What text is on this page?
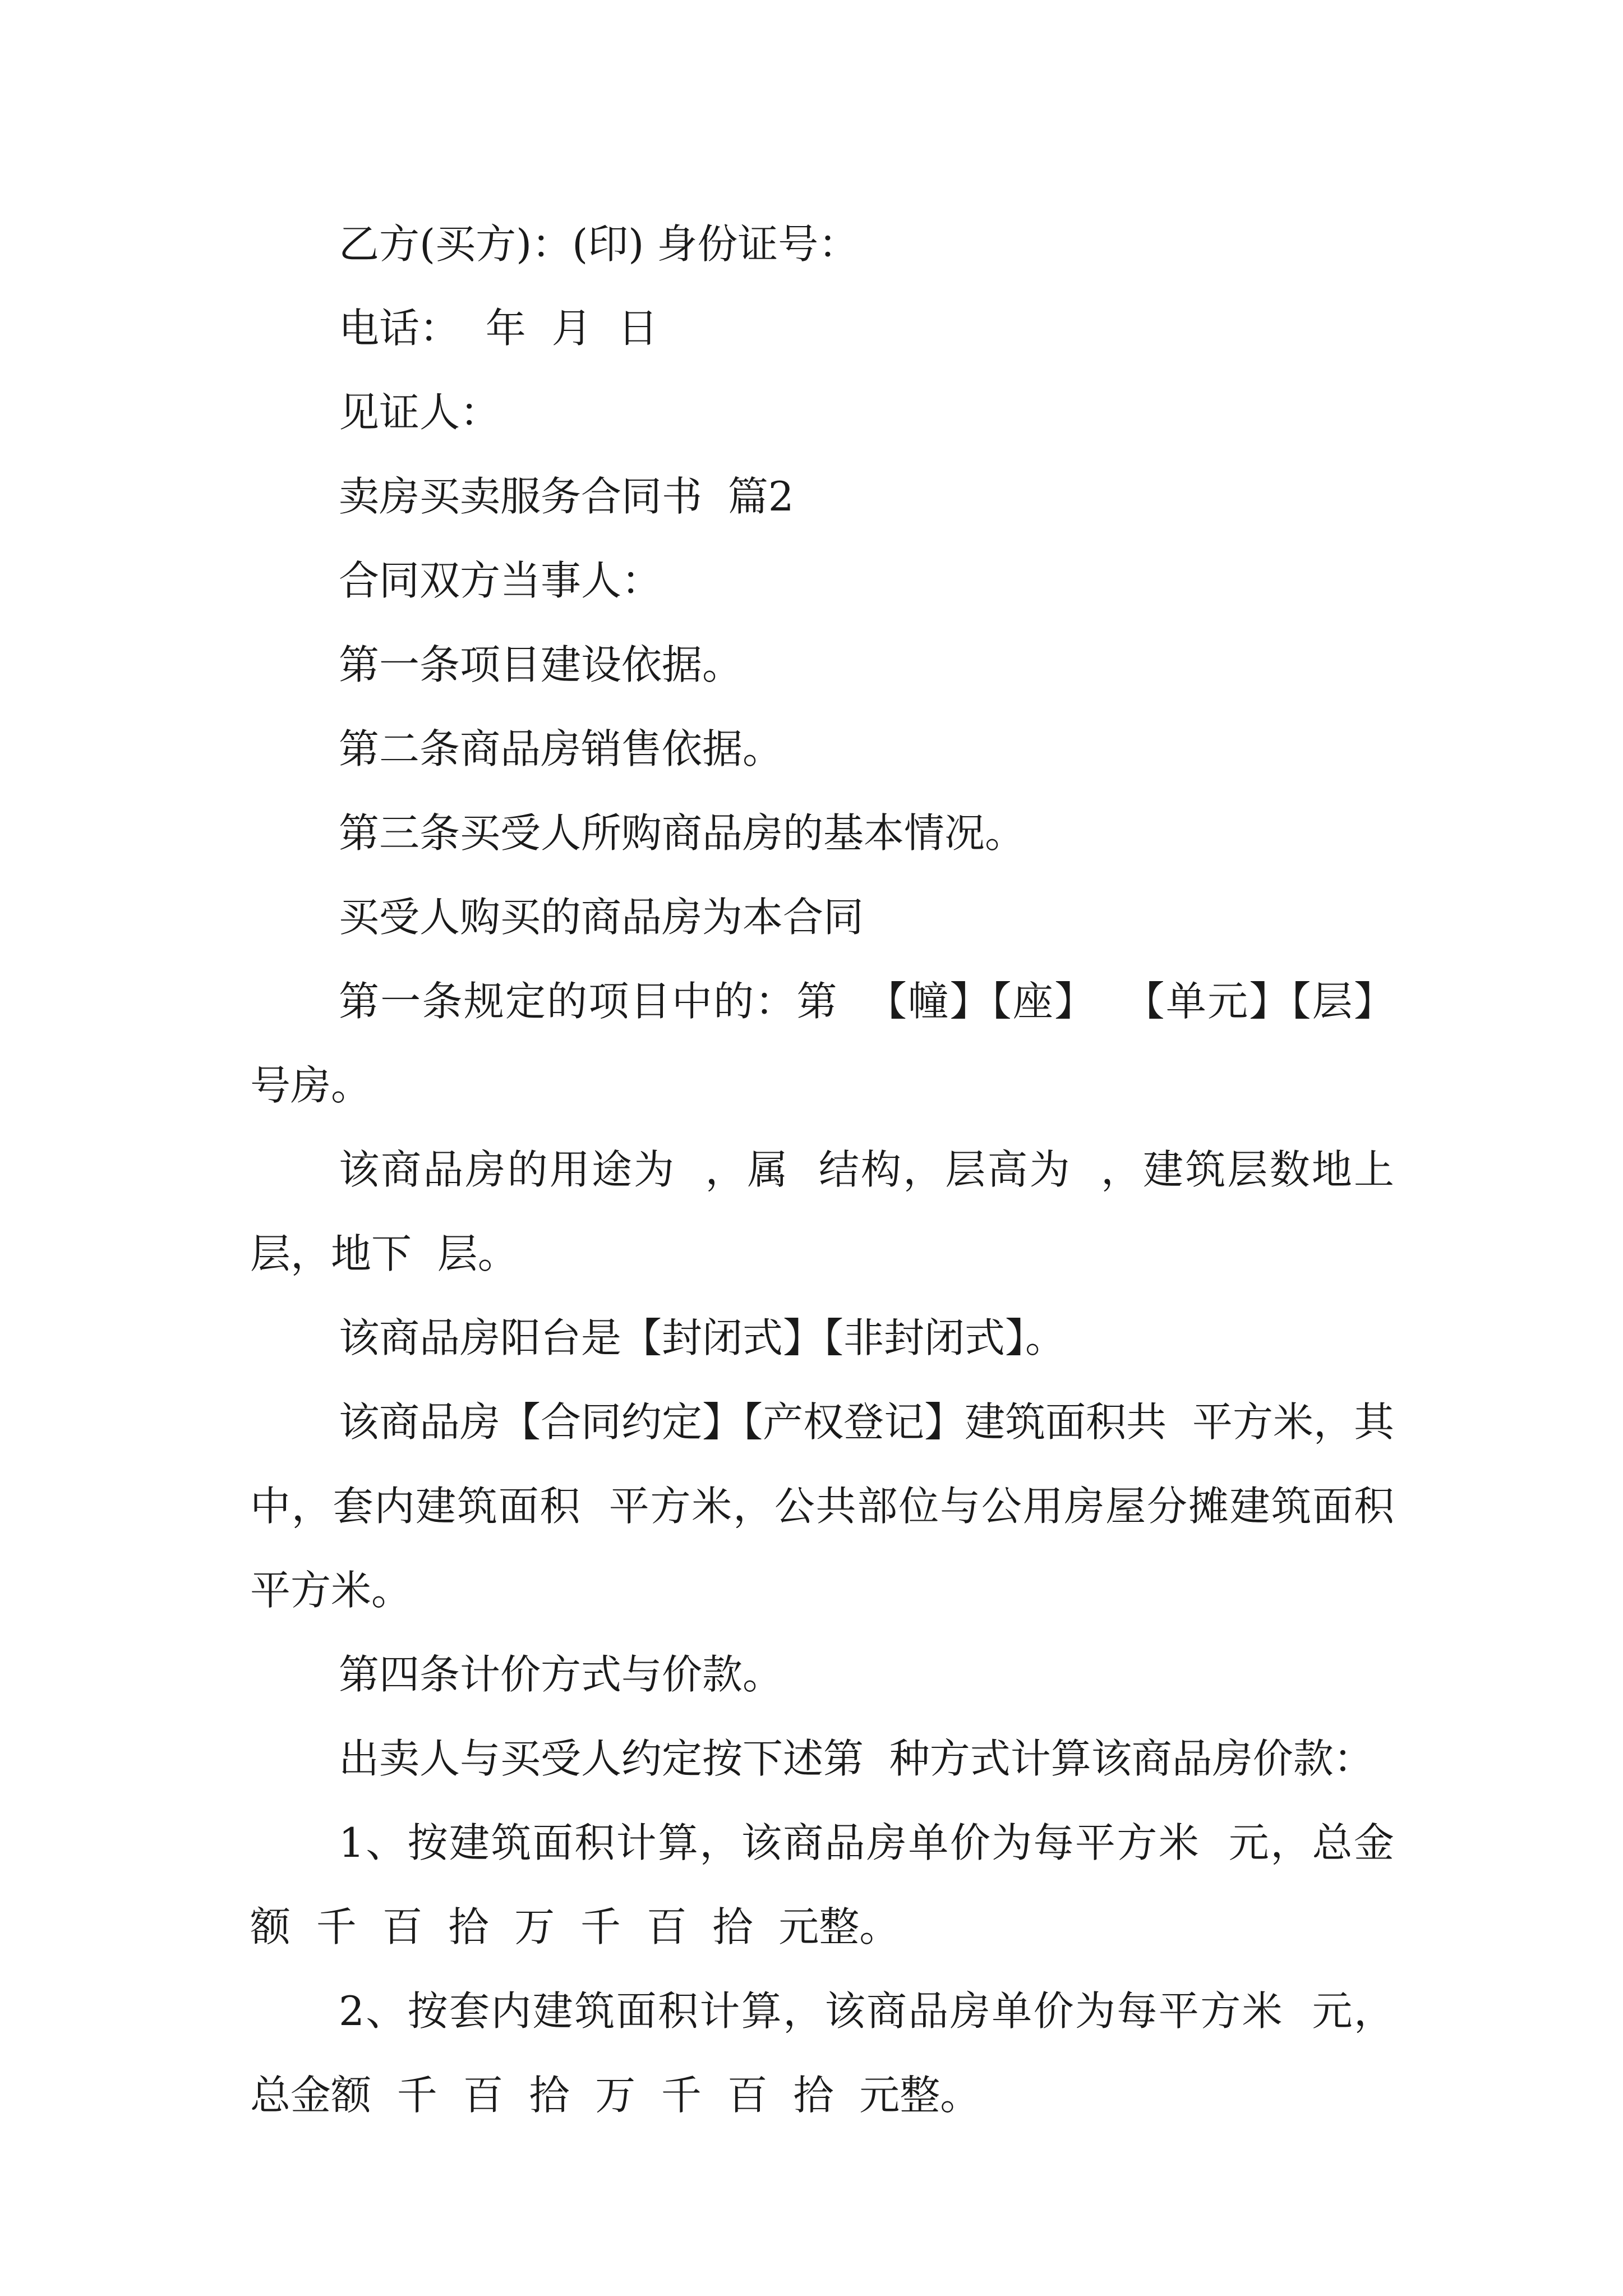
乙方(买方)：(印) 身份证号：

电话：  年  月  日

见证人：

卖房买卖服务合同书  篇2

合同双方当事人：

第一条项目建设依据。

第二条商品房销售依据。

第三条买受人所购商品房的基本情况。

买受人购买的商品房为本合同

第一条规定的项目中的：第  【幢】【座】  【单元】【层】号房。

该商品房的用途为  ，属  结构，层高为  ，建筑层数地上  层，地下  层。

该商品房阳台是【封闭式】【非封闭式】。

该商品房【合同约定】【产权登记】建筑面积共  平方米，其中，套内建筑面积  平方米，公共部位与公用房屋分摊建筑面积  平方米。

第四条计价方式与价款。

出卖人与买受人约定按下述第  种方式计算该商品房价款：

1、按建筑面积计算，该商品房单价为每平方米  元，总金额  千  百  拾  万  千  百  拾  元整。

2、按套内建筑面积计算，该商品房单价为每平方米  元，总金额  千  百  拾  万  千  百  拾  元整。
